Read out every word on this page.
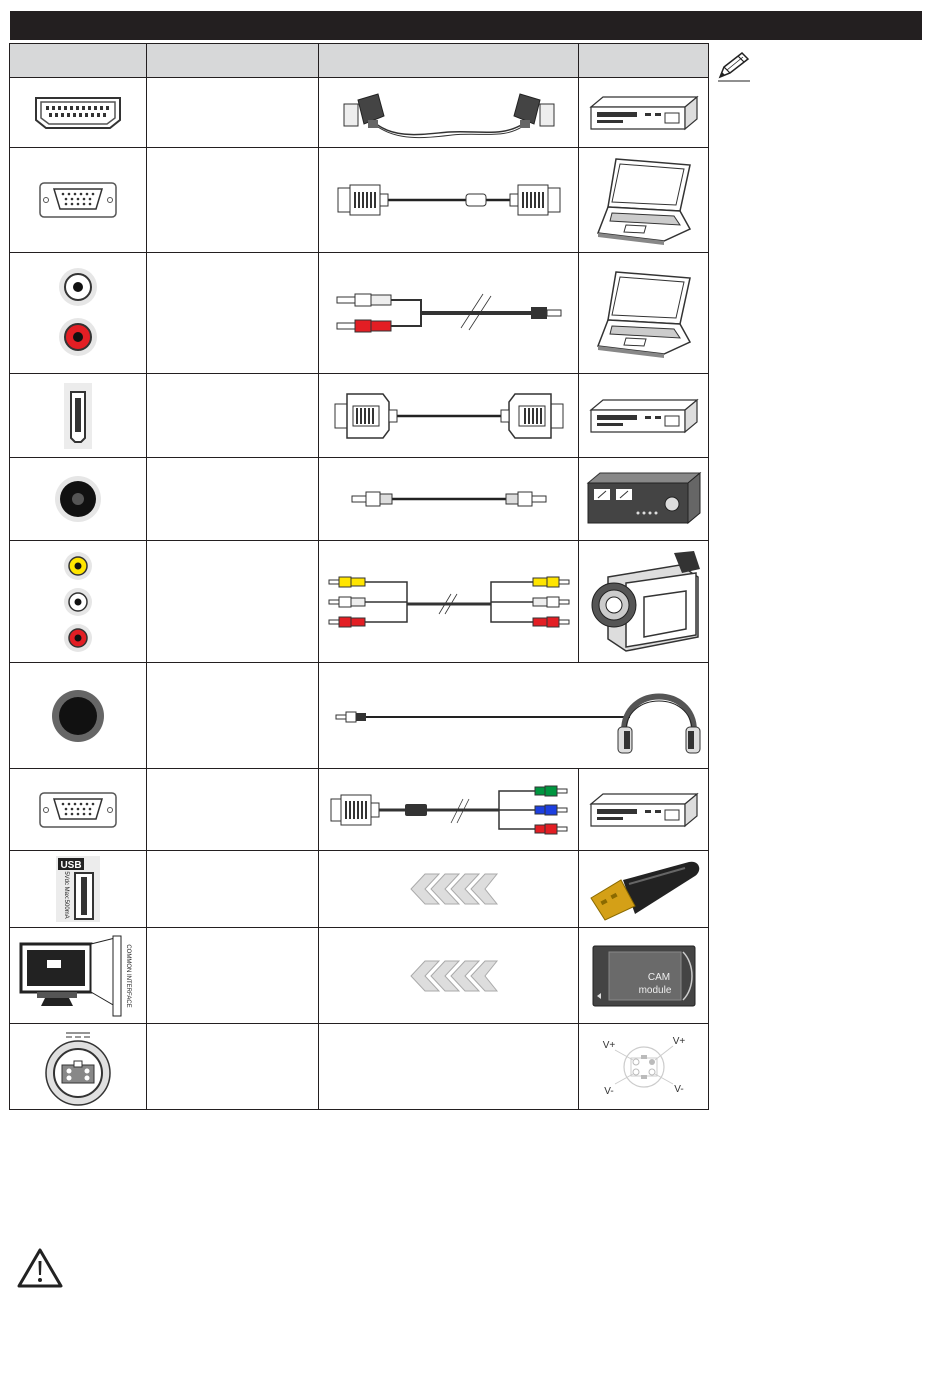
USB
5Vdc Max:500mA

COMMON INTERFACE			CAM
module

V+ V+
V- V-
